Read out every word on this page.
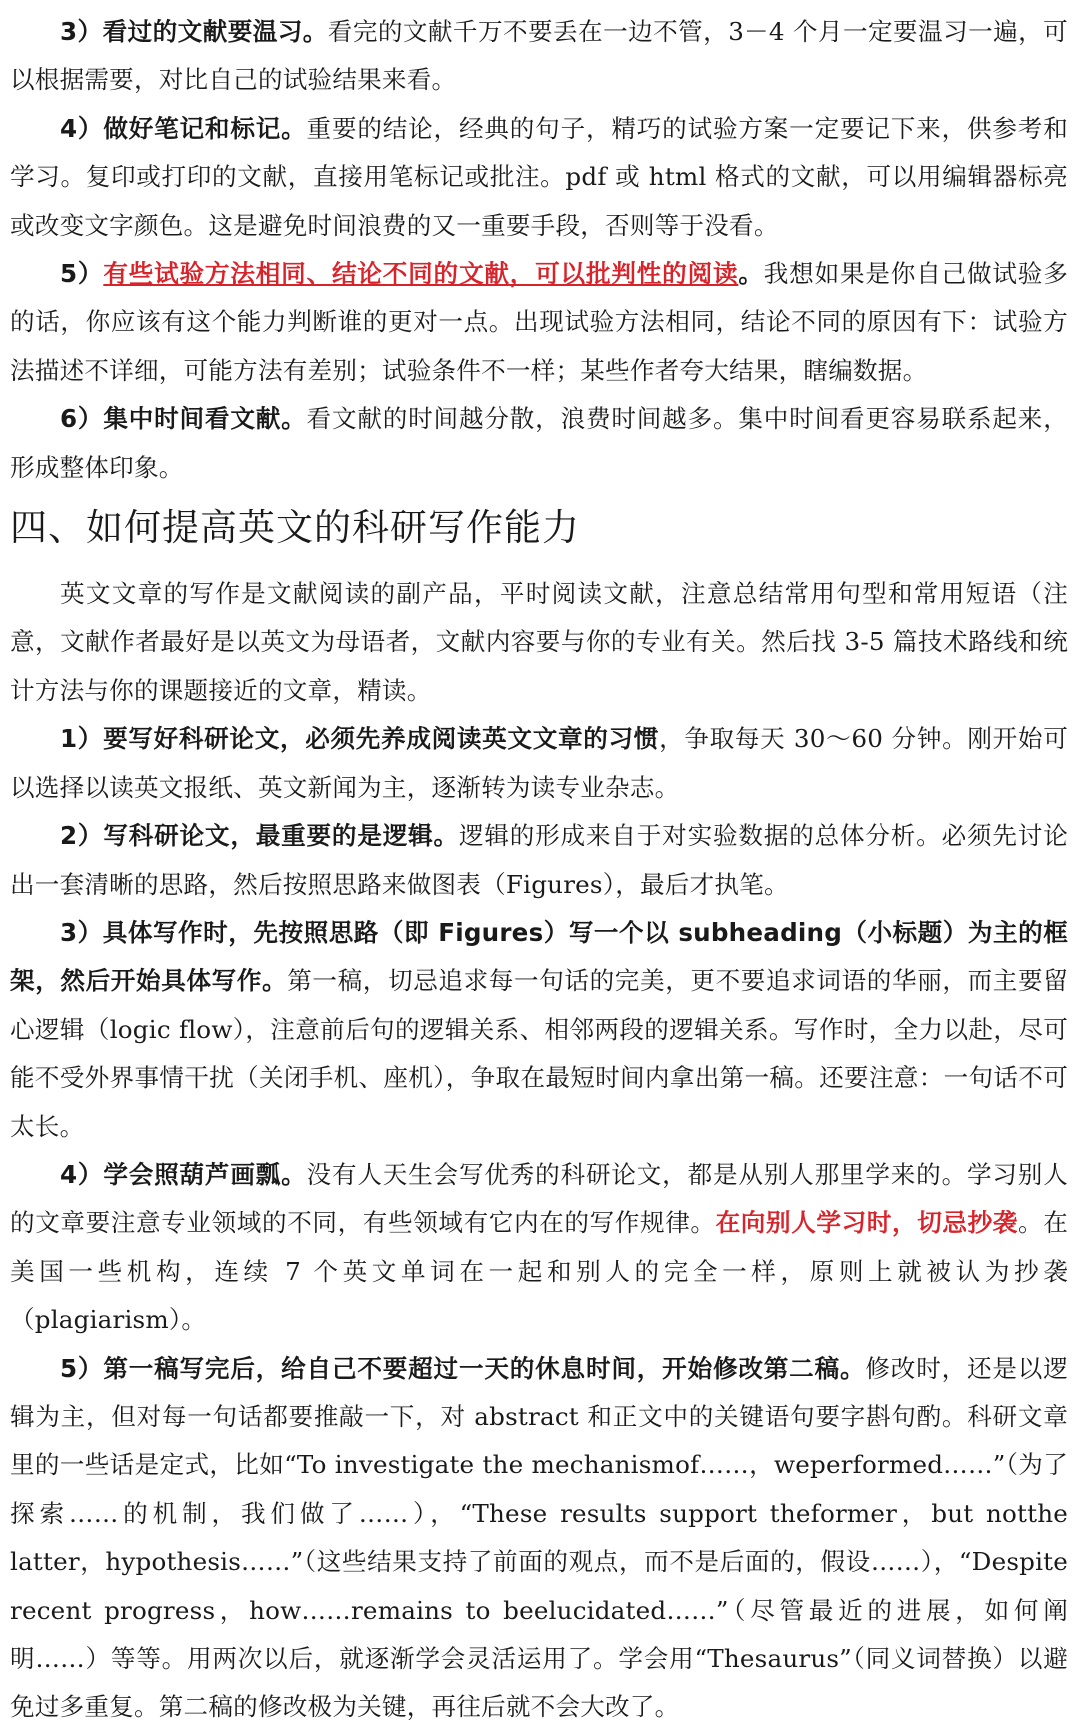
3）看过的文献要温习。看完的文献千万不要丢在一边不管，3－4 个月一定要温习一遍，可以根据需要，对比自己的试验结果来看。

4）做好笔记和标记。重要的结论，经典的句子，精巧的试验方案一定要记下来，供参考和学习。复印或打印的文献，直接用笔标记或批注。pdf 或 html 格式的文献，可以用编辑器标亮或改变文字颜色。这是避免时间浪费的又一重要手段，否则等于没看。

5）有些试验方法相同、结论不同的文献，可以批判性的阅读。我想如果是你自己做试验多的话，你应该有这个能力判断谁的更对一点。出现试验方法相同，结论不同的原因有下：试验方法描述不详细，可能方法有差别；试验条件不一样；某些作者夸大结果，瞎编数据。

6）集中时间看文献。看文献的时间越分散，浪费时间越多。集中时间看更容易联系起来，形成整体印象。

四、如何提高英文的科研写作能力

英文文章的写作是文献阅读的副产品，平时阅读文献，注意总结常用句型和常用短语（注意，文献作者最好是以英文为母语者，文献内容要与你的专业有关。然后找 3-5 篇技术路线和统计方法与你的课题接近的文章，精读。

1）要写好科研论文，必须先养成阅读英文文章的习惯，争取每天 30～60 分钟。刚开始可以选择以读英文报纸、英文新闻为主，逐渐转为读专业杂志。

2）写科研论文，最重要的是逻辑。逻辑的形成来自于对实验数据的总体分析。必须先讨论出一套清晰的思路，然后按照思路来做图表（Figures），最后才执笔。

3）具体写作时，先按照思路（即 Figures）写一个以 subheading（小标题）为主的框架，然后开始具体写作。第一稿，切忌追求每一句话的完美，更不要追求词语的华丽，而主要留心逻辑（logic flow），注意前后句的逻辑关系、相邻两段的逻辑关系。写作时，全力以赴，尽可能不受外界事情干扰（关闭手机、座机），争取在最短时间内拿出第一稿。还要注意：一句话不可太长。

4）学会照葫芦画瓢。没有人天生会写优秀的科研论文，都是从别人那里学来的。学习别人的文章要注意专业领域的不同，有些领域有它内在的写作规律。在向别人学习时，切忌抄袭。在美国一些机构，连续 7 个英文单词在一起和别人的完全一样，原则上就被认为抄袭（plagiarism）。

5）第一稿写完后，给自己不要超过一天的休息时间，开始修改第二稿。修改时，还是以逻辑为主，但对每一句话都要推敲一下，对 abstract 和正文中的关键语句要字斟句酌。科研文章里的一些话是定式，比如“To investigate the mechanismof……，weperformed……”（为了探索……的机制，我们做了……），“These results support theformer，but notthe latter，hypothesis……”（这些结果支持了前面的观点，而不是后面的，假设……），“Despite recent progress，how……remains to beelucidated……”（尽管最近的进展，如何阐明……）等等。用两次以后，就逐渐学会灵活运用了。学会用“Thesaurus”（同义词替换）以避免过多重复。第二稿的修改极为关键，再往后就不会大改了。
